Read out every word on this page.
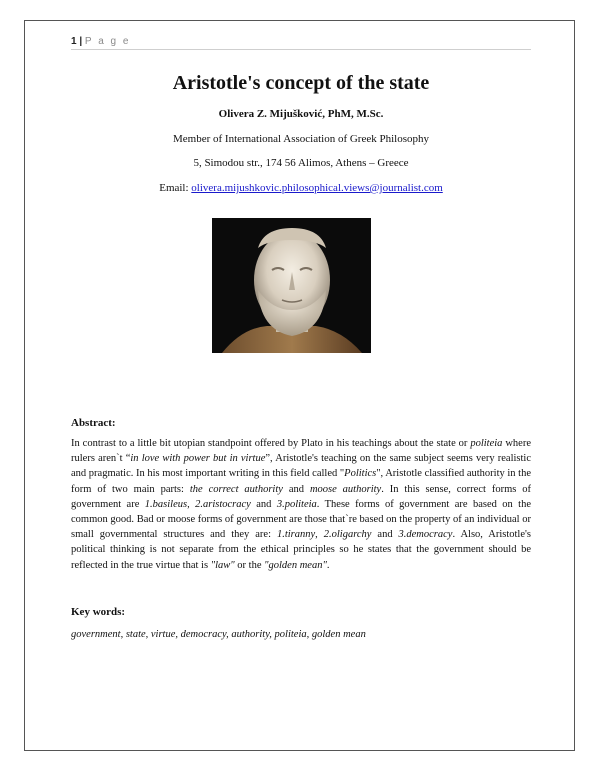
1 | P a g e
Aristotle's concept of the state
Olivera Z. Mijušković, PhM, M.Sc.
Member of International Association of Greek Philosophy
5, Simodou str., 174 56 Alimos, Athens – Greece
Email: olivera.mijushkovic.philosophical.views@journalist.com
Abstract:
In contrast to a little bit utopian standpoint offered by Plato in his teachings about the state or politeia where rulers aren`t “in love with power but in virtue”, Aristotle's teaching on the same subject seems very realistic and pragmatic. In his most important writing in this field called "Politics", Aristotle classified authority in the form of two main parts: the correct authority and moose authority. In this sense, correct forms of government are 1.basileus, 2.aristocracy and 3.politeia. These forms of government are based on the common good. Bad or moose forms of government are those that`re based on the property of an individual or small governmental structures and they are: 1.tiranny, 2.oligarchy and 3.democracy. Also, Aristotle's political thinking is not separate from the ethical principles so he states that the government should be reflected in the true virtue that is "law" or the "golden mean".
Key words:
government, state, virtue, democracy, authority, politeia, golden mean
